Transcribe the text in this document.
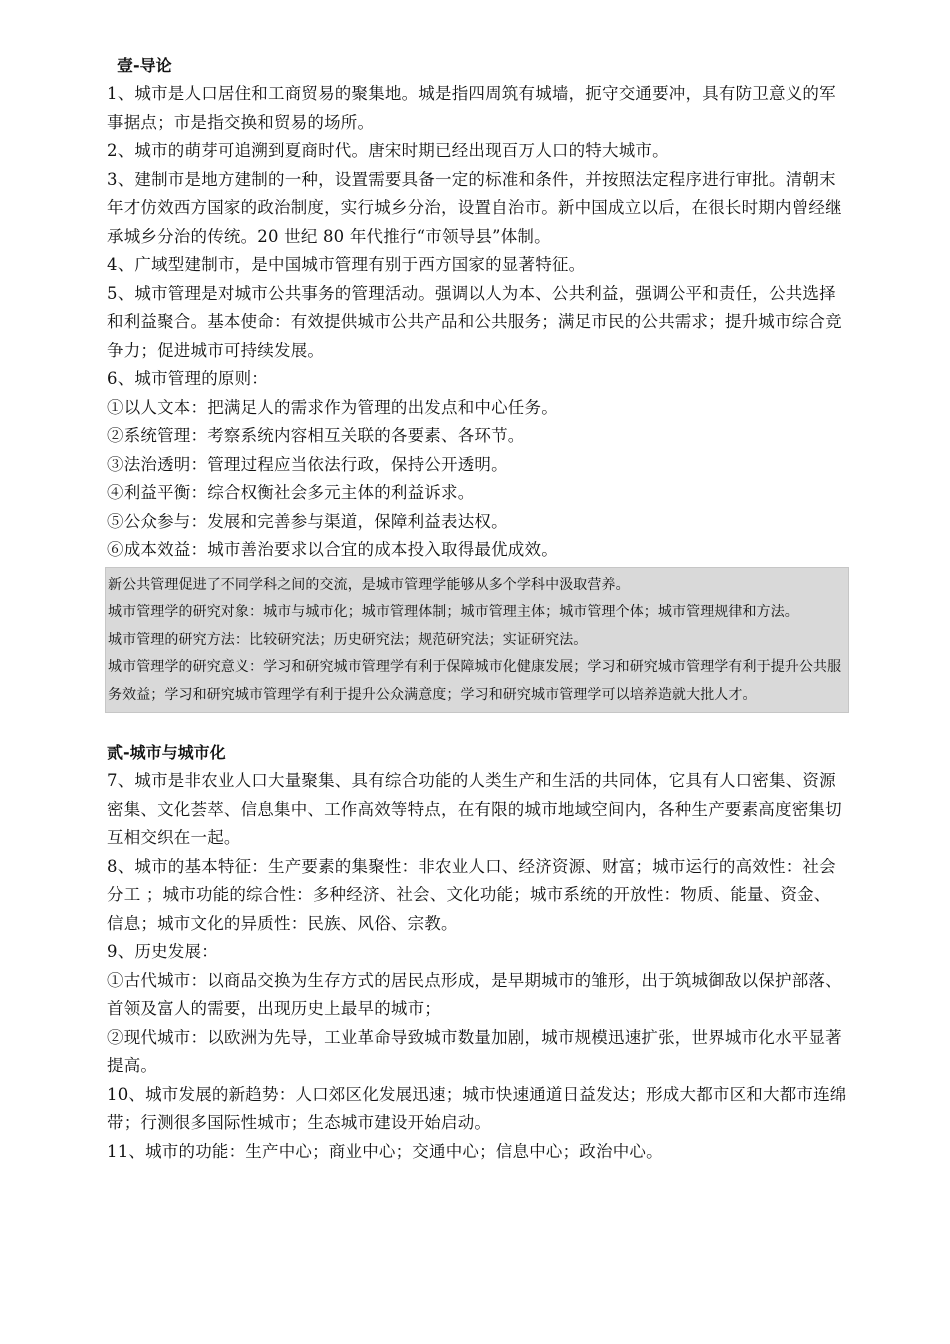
壹-导论

1、城市是人口居住和工商贸易的聚集地。城是指四周筑有城墙，扼守交通要冲，具有防卫意义的军事据点；市是指交换和贸易的场所。

2、城市的萌芽可追溯到夏商时代。唐宋时期已经出现百万人口的特大城市。

3、建制市是地方建制的一种，设置需要具备一定的标准和条件，并按照法定程序进行审批。清朝末年才仿效西方国家的政治制度，实行城乡分治，设置自治市。新中国成立以后，在很长时期内曾经继承城乡分治的传统。20 世纪 80 年代推行“市领导县”体制。

4、广域型建制市，是中国城市管理有别于西方国家的显著特征。

5、城市管理是对城市公共事务的管理活动。强调以人为本、公共利益，强调公平和责任，公共选择和利益聚合。基本使命：有效提供城市公共产品和公共服务；满足市民的公共需求；提升城市综合竞争力；促进城市可持续发展。

6、城市管理的原则：

①以人文本：把满足人的需求作为管理的出发点和中心任务。

②系统管理：考察系统内容相互关联的各要素、各环节。

③法治透明：管理过程应当依法行政，保持公开透明。

④利益平衡：综合权衡社会多元主体的利益诉求。

⑤公众参与：发展和完善参与渠道，保障利益表达权。

⑥成本效益：城市善治要求以合宜的成本投入取得最优成效。

新公共管理促进了不同学科之间的交流，是城市管理学能够从多个学科中汲取营养。

城市管理学的研究对象：城市与城市化；城市管理体制；城市管理主体；城市管理个体；城市管理规律和方法。

城市管理的研究方法：比较研究法；历史研究法；规范研究法；实证研究法。

城市管理学的研究意义：学习和研究城市管理学有利于保障城市化健康发展；学习和研究城市管理学有利于提升公共服务效益；学习和研究城市管理学有利于提升公众满意度；学习和研究城市管理学可以培养造就大批人才。

贰-城市与城市化

7、城市是非农业人口大量聚集、具有综合功能的人类生产和生活的共同体，它具有人口密集、资源密集、文化荟萃、信息集中、工作高效等特点，在有限的城市地域空间内，各种生产要素高度密集切互相交织在一起。

8、城市的基本特征：生产要素的集聚性：非农业人口、经济资源、财富；城市运行的高效性：社会分工 ；城市功能的综合性：多种经济、社会、文化功能；城市系统的开放性：物质、能量、资金、信息；城市文化的异质性：民族、风俗、宗教。

9、历史发展：

①古代城市：以商品交换为生存方式的居民点形成，是早期城市的雏形，出于筑城御敌以保护部落、首领及富人的需要，出现历史上最早的城市；

②现代城市：以欧洲为先导，工业革命导致城市数量加剧，城市规模迅速扩张，世界城市化水平显著提高。

10、城市发展的新趋势：人口郊区化发展迅速；城市快速通道日益发达；形成大都市区和大都市连绵带；行测很多国际性城市；生态城市建设开始启动。

11、城市的功能：生产中心；商业中心；交通中心；信息中心；政治中心。
